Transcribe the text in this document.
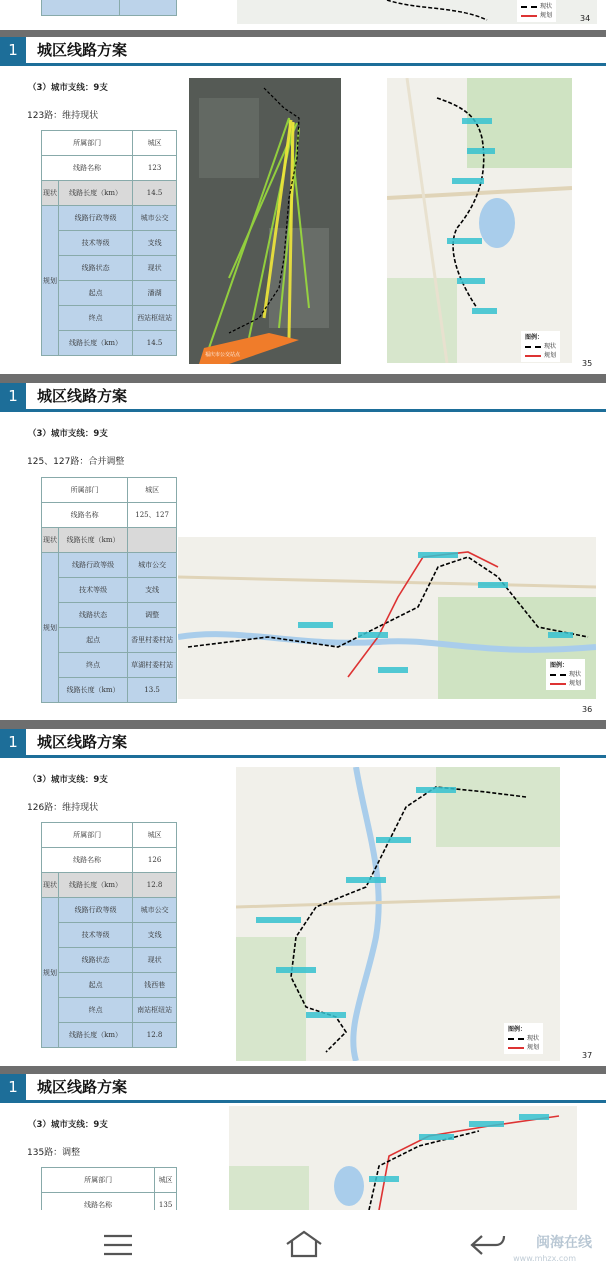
现状
规划	34
1	城区线路方案
（3）城市支线：9支
123路：维持现状
所属部门		城区
线路名称		123
现状	线路长度（km）	14.5
规划	线路行政等级	城市公交
	技术等级	支线
	线路状态	现状
	起点	潘湖
	终点	西站枢纽站
	线路长度（km）	14.5
福庆市公交站点
图例：
现状
规划
35
1	城区线路方案
（3）城市支线：9支
125、127路：合并调整
所属部门		城区
线路名称		125、127
现状	线路长度（km）	
规划	线路行政等级	城市公交
	技术等级	支线
	线路状态	调整
	起点	香里村委村站
	终点	草湖村委村站
	线路长度（km）	13.5
图例：
现状
规划
36
1	城区线路方案
（3）城市支线：9支
126路：维持现状
所属部门		城区
线路名称		126
现状	线路长度（km）	12.8
规划	线路行政等级	城市公交
	技术等级	支线
	线路状态	现状
	起点	钱西巷
	终点	南站枢纽站
	线路长度（km）	12.8
图例：
现状
规划
37
1	城区线路方案
（3）城市支线：9支
135路：调整
所属部门	城区
线路名称	135
闽海在线
www.mhzx.com
